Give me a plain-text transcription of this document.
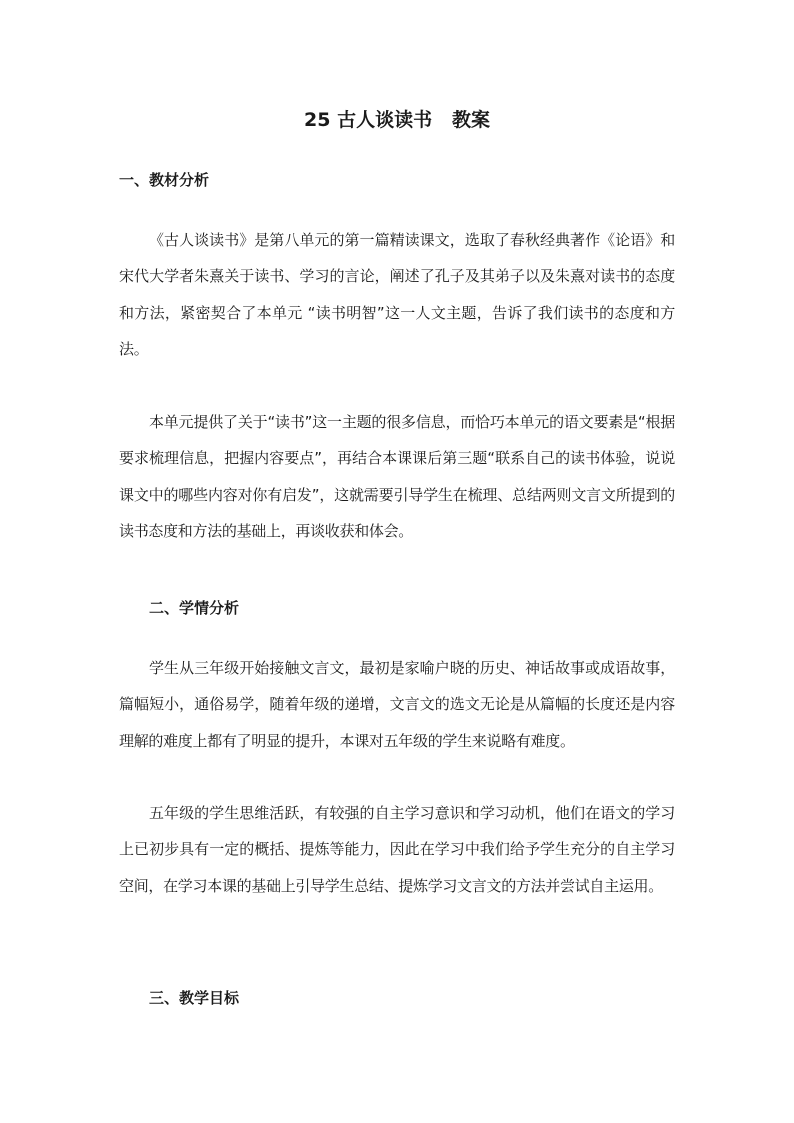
25 古人谈读书   教案
一、教材分析
《古人谈读书》是第八单元的第一篇精读课文，选取了春秋经典著作《论语》和宋代大学者朱熹关于读书、学习的言论，阐述了孔子及其弟子以及朱熹对读书的态度和方法，紧密契合了本单元 “读书明智”这一人文主题，告诉了我们读书的态度和方法。
本单元提供了关于“读书”这一主题的很多信息，而恰巧本单元的语文要素是“根据要求梳理信息，把握内容要点”，再结合本课课后第三题“联系自己的读书体验，说说课文中的哪些内容对你有启发”，这就需要引导学生在梳理、总结两则文言文所提到的读书态度和方法的基础上，再谈收获和体会。
二、学情分析
学生从三年级开始接触文言文，最初是家喻户晓的历史、神话故事或成语故事，篇幅短小，通俗易学，随着年级的递增，文言文的选文无论是从篇幅的长度还是内容理解的难度上都有了明显的提升，本课对五年级的学生来说略有难度。
五年级的学生思维活跃，有较强的自主学习意识和学习动机，他们在语文的学习上已初步具有一定的概括、提炼等能力，因此在学习中我们给予学生充分的自主学习空间，在学习本课的基础上引导学生总结、提炼学习文言文的方法并尝试自主运用。
三、教学目标
